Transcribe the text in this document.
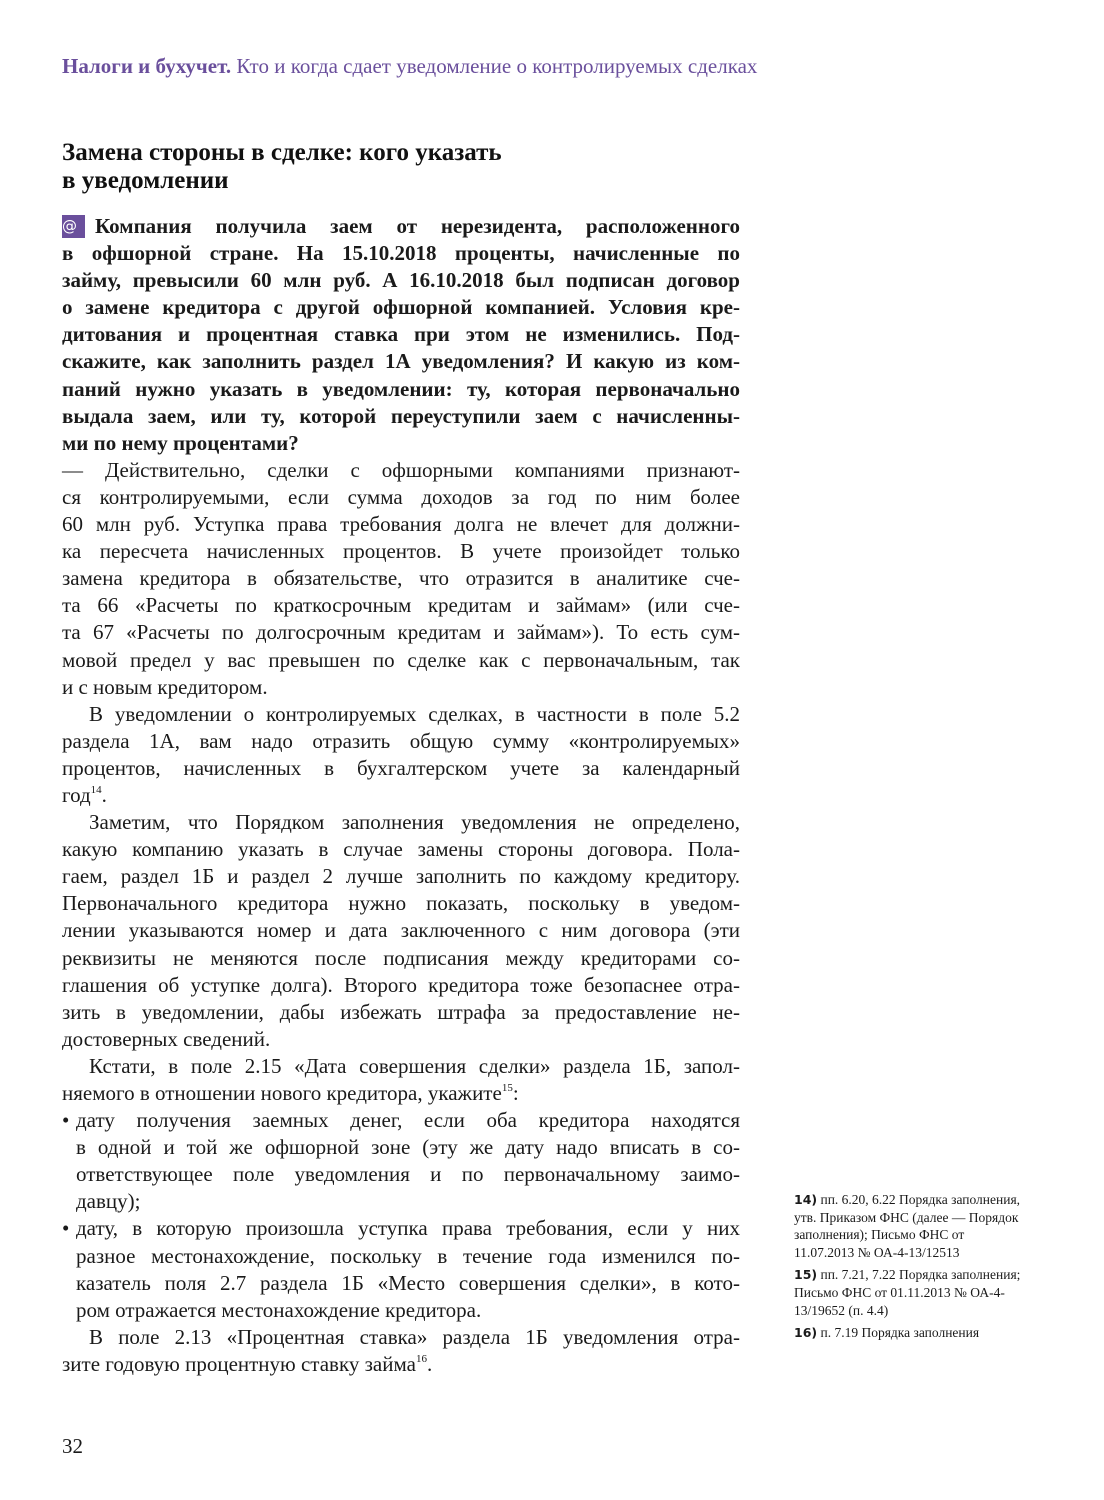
Налоги и бухучет. Кто и когда сдает уведомление о контролируемых сделках
Замена стороны в сделке: кого указать
в уведомлении
@ Компания получила заем от нерезидента, расположенного
в офшорной стране. На 15.10.2018 проценты, начисленные по
займу, превысили 60 млн руб. А 16.10.2018 был подписан договор
о замене кредитора с другой офшорной компанией. Условия кре-
дитования и процентная ставка при этом не изменились. Под-
скажите, как заполнить раздел 1А уведомления? И какую из ком-
паний нужно указать в уведомлении: ту, которая первоначально
выдала заем, или ту, которой переуступили заем с начисленны-
ми по нему процентами?
— Действительно, сделки с офшорными компаниями признают-
ся контролируемыми, если сумма доходов за год по ним более
60 млн руб. Уступка права требования долга не влечет для должни-
ка пересчета начисленных процентов. В учете произойдет только
замена кредитора в обязательстве, что отразится в аналитике сче-
та 66 «Расчеты по краткосрочным кредитам и займам» (или сче-
та 67 «Расчеты по долгосрочным кредитам и займам»). То есть сум-
мовой предел у вас превышен по сделке как с первоначальным, так
и с новым кредитором.
В уведомлении о контролируемых сделках, в частности в поле 5.2
раздела 1А, вам надо отразить общую сумму «контролируемых»
процентов, начисленных в бухгалтерском учете за календарный
год$^{14}$.
Заметим, что Порядком заполнения уведомления не определено,
какую компанию указать в случае замены стороны договора. Пола-
гаем, раздел 1Б и раздел 2 лучше заполнить по каждому кредитору.
Первоначального кредитора нужно показать, поскольку в уведом-
лении указываются номер и дата заключенного с ним договора (эти
реквизиты не меняются после подписания между кредиторами со-
глашения об уступке долга). Второго кредитора тоже безопаснее отра-
зить в уведомлении, дабы избежать штрафа за предоставление не-
достоверных сведений.
Кстати, в поле 2.15 «Дата совершения сделки» раздела 1Б, запол-
няемого в отношении нового кредитора, укажите$^{15}$:
• дату получения заемных денег, если оба кредитора находятся
в одной и той же офшорной зоне (эту же дату надо вписать в со-
ответствующее поле уведомления и по первоначальному заимо-
давцу);
• дату, в которую произошла уступка права требования, если у них
разное местонахождение, поскольку в течение года изменился по-
казатель поля 2.7 раздела 1Б «Место совершения сделки», в кото-
ром отражается местонахождение кредитора.
В поле 2.13 «Процентная ставка» раздела 1Б уведомления отра-
зите годовую процентную ставку займа$^{16}$.
14) пп. 6.20, 6.22 Порядка заполнения, утв. Приказом ФНС (далее — Порядок заполнения); Письмо ФНС от 11.07.2013 № ОА-4-13/12513
15) пп. 7.21, 7.22 Порядка заполнения; Письмо ФНС от 01.11.2013 № ОА-4-13/19652 (п. 4.4)
16) п. 7.19 Порядка заполнения
32
